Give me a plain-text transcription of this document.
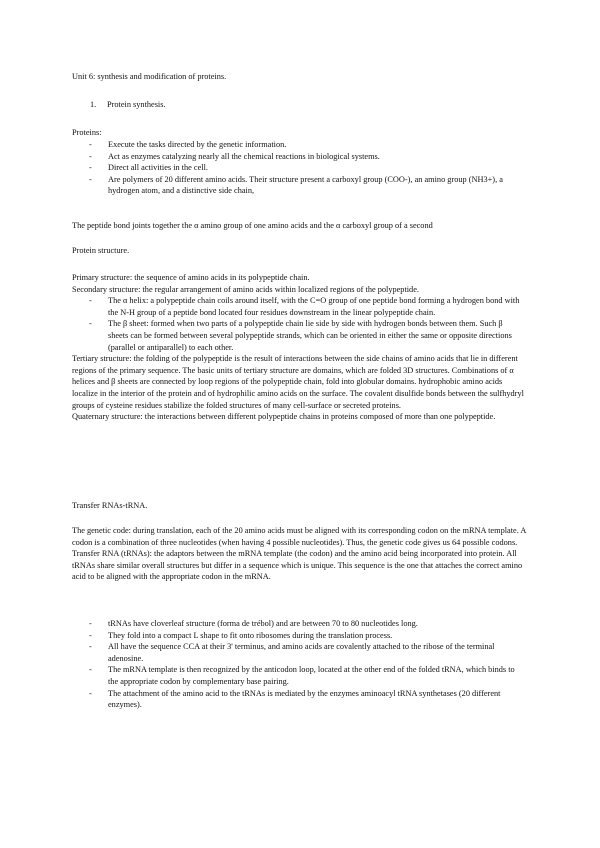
Unit 6: synthesis and modification of proteins.

1. Protein synthesis.

Proteins:

- Execute the tasks directed by the genetic information.
- Act as enzymes catalyzing nearly all the chemical reactions in biological systems.
- Direct all activities in the cell.
- Are polymers of 20 different amino acids. Their structure present a carboxyl group (COO-), an amino group (NH3+), a hydrogen atom, and a distinctive side chain,

The peptide bond joints together the α amino group of one amino acids and the α carboxyl group of a second

Protein structure.

Primary structure: the sequence of amino acids in its polypeptide chain.

Secondary structure: the regular arrangement of amino acids within localized regions of the polypeptide.

- The α helix: a polypeptide chain coils around itself, with the C=O group of one peptide bond forming a hydrogen bond with the N-H group of a peptide bond located four residues downstream in the linear polypeptide chain.
- The β sheet: formed when two parts of a polypeptide chain lie side by side with hydrogen bonds between them. Such β sheets can be formed between several polypeptide strands, which can be oriented in either the same or opposite directions (parallel or antiparallel) to each other.

Tertiary structure: the folding of the polypeptide is the result of interactions between the side chains of amino acids that lie in different regions of the primary sequence. The basic units of tertiary structure are domains, which are folded 3D structures. Combinations of α helices and β sheets are connected by loop regions of the polypeptide chain, fold into globular domains. hydrophobic amino acids localize in the interior of the protein and of hydrophilic amino acids on the surface. The covalent disulfide bonds between the sulfhydryl groups of cysteine residues stabilize the folded structures of many cell-surface or secreted proteins.

Quaternary structure: the interactions between different polypeptide chains in proteins composed of more than one polypeptide.

Transfer RNAs-tRNA.

The genetic code: during translation, each of the 20 amino acids must be aligned with its corresponding codon on the mRNA template. A codon is a combination of three nucleotides (when having 4 possible nucleotides). Thus, the genetic code gives us 64 possible codons.

Transfer RNA (tRNAs): the adaptors between the mRNA template (the codon) and the amino acid being incorporated into protein. All tRNAs share similar overall structures but differ in a sequence which is unique. This sequence is the one that attaches the correct amino acid to be aligned with the appropriate codon in the mRNA.

- tRNAs have cloverleaf structure (forma de trébol) and are between 70 to 80 nucleotides long.
- They fold into a compact L shape to fit onto ribosomes during the translation process.
- All have the sequence CCA at their 3' terminus, and amino acids are covalently attached to the ribose of the terminal adenosine.
- The mRNA template is then recognized by the anticodon loop, located at the other end of the folded tRNA, which binds to the appropriate codon by complementary base pairing.
- The attachment of the amino acid to the tRNAs is mediated by the enzymes aminoacyl tRNA synthetases (20 different enzymes).
